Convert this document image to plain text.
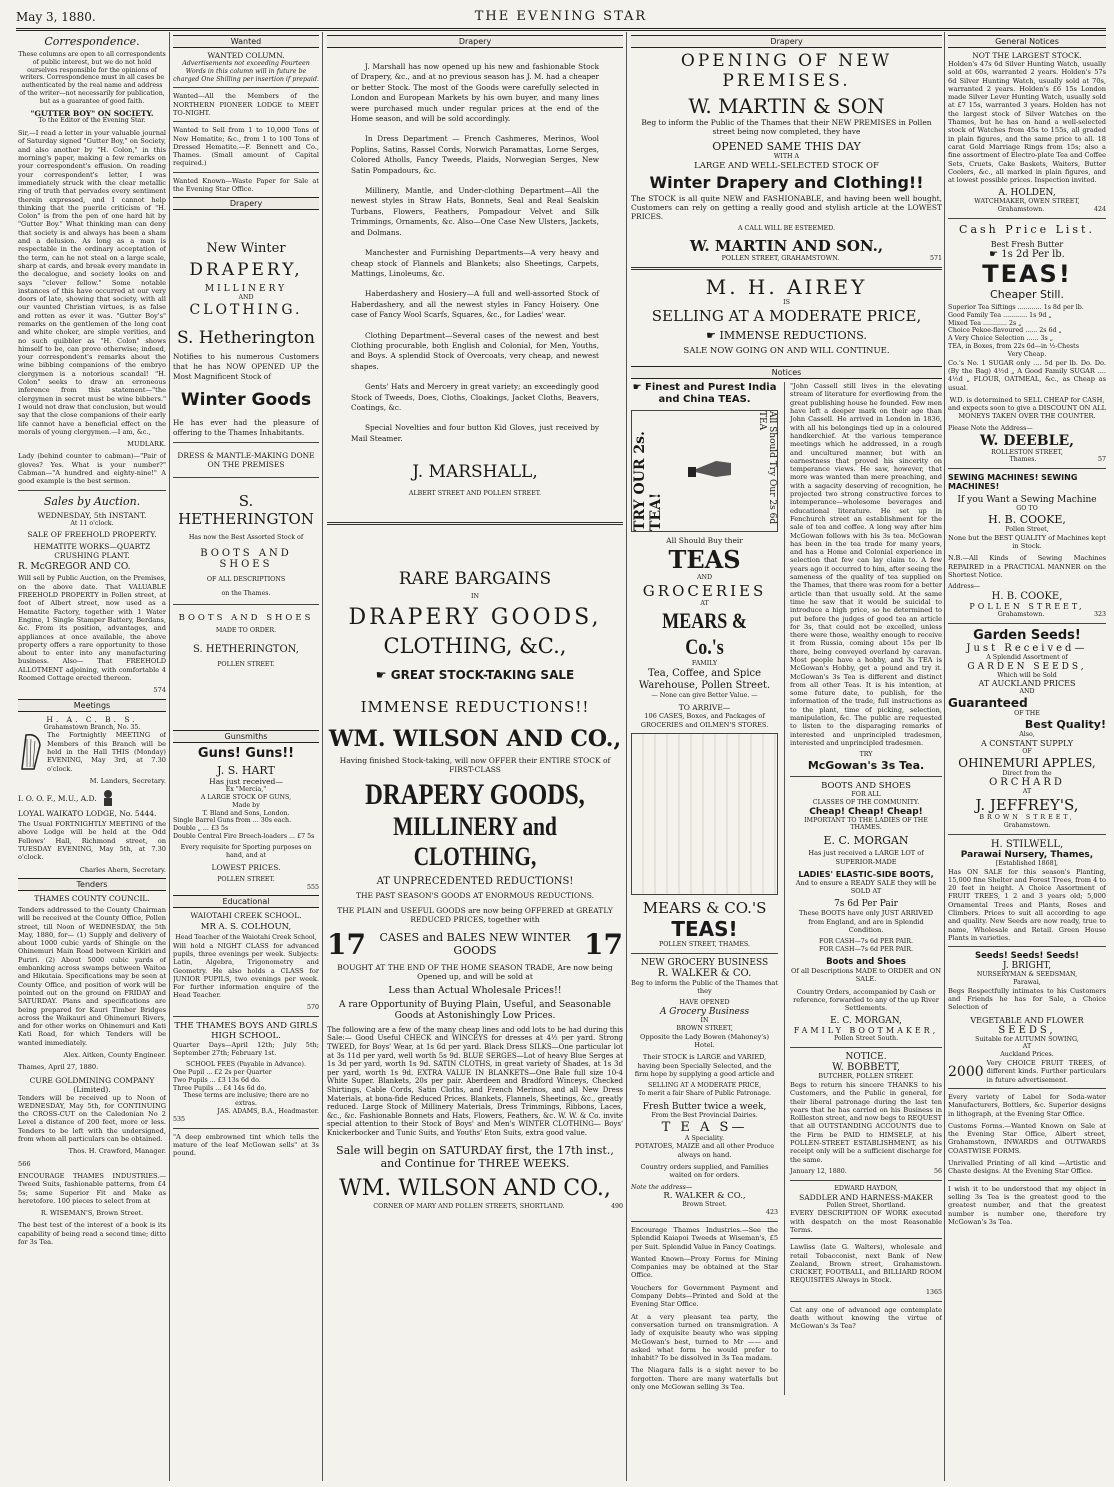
May 3, 1880.	THE EVENING STAR
Correspondence.

These columns are open to all correspondents of public interest, but we do not hold ourselves responsible for the opinions of writers. Correspondence must in all cases be authenticated by the real name and address of the writer—not necessarily for publication, but as a guarantee of good faith.

"GUTTER BOY" ON SOCIETY.

To the Editor of the Evening Star.

Sir,—I read a letter in your valuable journal of Saturday signed "Gutter Boy," on Society, and also another by "H. Colon," in this morning's paper, making a few remarks on your correspondent's effusion. On reading your correspondent's letter, I was immediately struck with the clear metallic ring of truth that pervades every sentiment therein expressed, and I cannot help thinking that the puerile criticism of "H. Colon" is from the pen of one hard hit by "Gutter Boy." What thinking man can deny that society is and always has been a sham and a delusion. As long as a man is respectable in the ordinary acceptation of the term, can he not steal on a large scale, sharp at cards, and break every mandate in the decalogue, and society looks on and says "clever fellow." Some notable instances of this have occurred at our very doors of late, showing that society, with all our vaunted Christian virtues, is as false and rotten as ever it was. "Gutter Boy's" remarks on the gentlemen of the long coat and white choker, are simple verities, and no such quibbler as "H. Colon" shows himself to be, can prove otherwise; indeed, your correspondent's remarks about the wine bibbing companions of the embryo clergymen is a notorious scandal! "H. Colon" seeks to draw an erroneous inference from this statement—"the clergymen in secret must be wine bibbers." I would not draw that conclusion, but would say that the close companions of their early life cannot have a beneficial effect on the morals of young clergymen.—I am, &c.,

MUDLARK.

Lady (behind counter to cabman)—"Pair of gloves? Yes. What is your number?" Cabman—"A hundred and eighty-nine!" A good example is the best sermon.

Sales by Auction.
WEDNESDAY, 5th INSTANT.
At 11 o'clock.
SALE OF FREEHOLD PROPERTY.
HEMATITE WORKS—QUARTZ CRUSHING PLANT.
R. McGREGOR AND CO.

Will sell by Public Auction, on the Premises, on the above date. That VALUABLE FREEHOLD PROPERTY in Pollen street, at foot of Albert street, now used as a Hematite Factory, together with 1 Water Engine, 1 Single Stamper Battery, Berdans, &c. From its position, advantages, and appliances at once available, the above property offers a rare opportunity to those about to enter into any manufacturing business. Also— That FREEHOLD ALLOTMENT adjoining, with comfortable 4 Roomed Cottage erected thereon.

574

Meetings
H. A. C. B. S.
Grahamstown Branch, No. 35.

The Fortnightly MEETING of Members of this Branch will be held in the Hall THIS (Monday) EVENING, May 3rd, at 7.30 o'clock.

M. Landers, Secretary.

I. O. O. F., M.U., A.D.
LOYAL WAIKATO LODGE, No. 5444.

The Usual FORTNIGHTLY MEETING of the above Lodge will be held at the Odd Fellows' Hall, Richmond street, on TUESDAY EVENING, May 5th, at 7.30 o'clock.

Charles Ahern, Secretary.

Tenders
THAMES COUNTY COUNCIL.

Tenders addressed to the County Chairman will be received at the County Office, Pollen street, till Noon of WEDNESDAY, the 5th May, 1880, for— (1) Supply and delivery of about 1000 cubic yards of Shingle on the Ohinemuri Main Road between Kirikiri and Puriri. (2) About 5000 cubic yards of embanking across swamps between Waitoa and Hikutaia. Specifications may be seen at County Office, and position of work will be pointed out on the ground on FRIDAY and SATURDAY. Plans and specifications are being prepared for Kauri Timber Bridges across the Waikauri and Ohinemuri Rivers, and for other works on Ohinemuri and Kati Kati Road, for which Tenders will be wanted immediately.

Alex. Aitken, County Engineer.

Thames, April 27, 1880.

CURE GOLDMINING COMPANY (Limited).

Tenders will be received up to Noon of WEDNESDAY, May 5th, for CONTINUING the CROSS-CUT on the Caledonian No 2 Level a distance of 200 feet, more or less. Tenders to be left with the undersigned, from whom all particulars can be obtained.

Thos. H. Crawford, Manager.

566

ENCOURAGE THAMES INDUSTRIES.—Tweed Suits, fashionable patterns, from £4 5s; same Superior Fit and Make as heretofore. 100 pieces to select from at

R. WISEMAN'S, Brown Street.

The best test of the interest of a book is its capability of being read a second time; ditto for 3s Tea.

Wanted
WANTED COLUMN.

Advertisements not exceeding Fourteen Words in this column will in future be charged One Shilling per insertion if prepaid.

Wanted—All the Members of the NORTHERN PIONEER LODGE to MEET TO-NIGHT.

Wanted to Sell from 1 to 10,000 Tons of New Hematite; &c., from 1 to 100 Tons of Dressed Hematite.—F. Bennett and Co., Thames. (Small amount of Capital required.)

Wanted Known—Waste Paper for Sale at the Evening Star Office.

Drapery
New Winter
DRAPERY,
MILLINERY
AND
CLOTHING.
S. Hetherington

Notifies to his numerous Customers that he has NOW OPENED UP the Most Magnificent Stock of

Winter Goods

He has ever had the pleasure of offering to the Thames Inhabitants.

DRESS & MANTLE-MAKING DONE ON THE PREMISES
S. HETHERINGTON
Has now the Best Assorted Stock of
BOOTS AND SHOES
OF ALL DESCRIPTIONS
on the Thames.
BOOTS AND SHOES
MADE TO ORDER.
S. HETHERINGTON,
POLLEN STREET.
Gunsmiths
Guns! Guns!!
J. S. HART
Has just received—
Ex "Mercia,"
A LARGE STOCK OF GUNS,
Made by
T. Bland and Sons, London.
Single Barrel Guns from ... 30s each.
Double „ ... £3 5s
Double Central Fire Breech-loaders ... £7 5s

Every requisite for Sporting purposes on hand, and at

LOWEST PRICES.
POLLEN STREET.
555
Educational
WAIOTAHI CREEK SCHOOL.
MR A. S. COLHOUN,
Head Teacher of the Waiotahi Creek School,

Will hold a NIGHT CLASS for advanced pupils, three evenings per week. Subjects: Latin, Algebra, Trigonometry and Geometry. He also holds a CLASS for JUNIOR PUPILS, two evenings per week. For further information enquire of the Head Teacher.

570
THE THAMES BOYS AND GIRLS HIGH SCHOOL.

Quarter Days—April 12th; July 5th; September 27th; February 1st.

SCHOOL FEES (Payable in Advance).
One Pupil ... £2 2s per Quarter
Two Pupils ... £3 13s 6d do.
Three Pupils ... £4 14s 6d do.
These terms are inclusive; there are no extras.
JAS. ADAMS, B.A., Headmaster.
535

"A deep embrowned tint which tells the mature of the leaf McGowan sells" at 3s pound.

Drapery

J. Marshall has now opened up his new and fashionable Stock of Drapery, &c., and at no previous season has J. M. had a cheaper or better Stock. The most of the Goods were carefully selected in London and European Markets by his own buyer, and many lines were purchased much under regular prices at the end of the Home season, and will be sold accordingly.

In Dress Department — French Cashmeres, Merinos, Wool Poplins, Satins, Rassel Cords, Norwich Paramattas, Lorne Serges, Colored Atholls, Fancy Tweeds, Plaids, Norwegian Serges, New Satin Pompadours, &c.

Millinery, Mantle, and Under-clothing Department—All the newest styles in Straw Hats, Bonnets, Seal and Real Sealskin Turbans, Flowers, Feathers, Pompadour Velvet and Silk Trimmings, Ornaments, &c. Also—One Case New Ulsters, Jackets, and Dolmans.

Manchester and Furnishing Departments—A very heavy and cheap stock of Flannels and Blankets; also Sheetings, Carpets, Mattings, Linoleums, &c.

Haberdashery and Hosiery—A full and well-assorted Stock of Haberdashery, and all the newest styles in Fancy Hoisery. One case of Fancy Wool Scarfs, Squares, &c., for Ladies' wear.

Clothing Department—Several cases of the newest and best Clothing procurable, both English and Colonial, for Men, Youths, and Boys. A splendid Stock of Overcoats, very cheap, and newest shapes.

Gents' Hats and Mercery in great variety; an exceedingly good Stock of Tweeds, Does, Cloths, Cloakings, Jacket Cloths, Beavers, Coatings, &c.

Special Novelties and four button Kid Gloves, just received by Mail Steamer.

J. MARSHALL,
ALBERT STREET AND POLLEN STREET.
RARE BARGAINS
IN
DRAPERY GOODS,
CLOTHING, &C.,
☛ GREAT STOCK-TAKING SALE
IMMENSE REDUCTIONS!!
WM. WILSON AND CO.,

Having finished Stock-taking, will now OFFER their ENTIRE STOCK of FIRST-CLASS

DRAPERY GOODS,
MILLINERY and CLOTHING,
AT UNPRECEDENTED REDUCTIONS!
THE PAST SEASON'S GOODS AT ENORMOUS REDUCTIONS.

THE PLAIN and USEFUL GOODS are now being OFFERED at GREATLY REDUCED PRICES, together with

17	CASES and BALES NEW WINTER GOODS	17

BOUGHT AT THE END OF THE HOME SEASON TRADE, Are now being Opened up, and will be sold at

Less than Actual Wholesale Prices!!

A rare Opportunity of Buying Plain, Useful, and Seasonable Goods at Astonishingly Low Prices.

The following are a few of the many cheap lines and odd lots to be had during this Sale:— Good Useful CHECK and WINCEYS for dresses at 4½ per yard. Strong TWEED, for Boys' Wear, at 1s 6d per yard. Black Dress SILKS—One particular lot at 3s 11d per yard, well worth 5s 9d. BLUE SERGES—Lot of heavy Blue Serges at 1s 3d per yard, worth 1s 9d. SATIN CLOTHS, in great variety of Shades, at 1s 3d per yard, worth 1s 9d. EXTRA VALUE IN BLANKETS—One Bale full size 10-4 White Super. Blankets, 20s per pair. Aberdeen and Bradford Winceys, Checked Shirtings, Cable Cords, Satin Cloths, and French Merinos, and all New Dress Materials, at bona-fide Reduced Prices. Blankets, Flannels, Sheetings, &c., greatly reduced. Large Stock of Millinery Materials, Dress Trimmings, Ribbons, Laces, &c., &c. Fashionable Bonnets and Hats, Flowers, Feathers, &c. W. W. & Co. invite special attention to their Stock of Boys' and Men's WINTER CLOTHING— Boys' Knickerbocker and Tunic Suits, and Youths' Eton Suits, extra good value.

Sale will begin on SATURDAY first, the 17th inst., and Continue for THREE WEEKS.
WM. WILSON AND CO.,
CORNER OF MARY AND POLLEN STREETS, SHORTLAND.	490
Drapery
OPENING OF NEW PREMISES.
W. MARTIN & SON

Beg to inform the Public of the Thames that their NEW PREMISES in Pollen street being now completed, they have

OPENED SAME THIS DAY
WITH A
LARGE AND WELL-SELECTED STOCK OF
Winter Drapery and Clothing!!

The STOCK is all quite NEW and FASHIONABLE, and having been well bought, Customers can rely on getting a really good and stylish article at the LOWEST PRICES.

A CALL WILL BE ESTEEMED.
W. MARTIN AND SON.,
POLLEN STREET, GRAHAMSTOWN.	571
M. H. AIREY
IS
SELLING AT A MODERATE PRICE,
☛ IMMENSE REDUCTIONS.
SALE NOW GOING ON AND WILL CONTINUE.
Notices
☛ Finest and Purest India and China TEAS.
TRY OUR 2s. TEA!	All Should Try Our 2s 6d TEA
All Should Buy their
TEAS
AND
GROCERIES
AT
MEARS & Co.'s
FAMILY
Tea, Coffee, and Spice Warehouse, Pollen Street.
— None can give Better Value. —
TO ARRIVE—

106 CASES, Boxes, and Packages of GROCERIES and OILMEN'S STORES.

MEARS & CO.'S
TEAS!
POLLEN STREET, THAMES.
NEW GROCERY BUSINESS
R. WALKER & CO.

Beg to inform the Public of the Thames that they

HAVE OPENED
A Grocery Business
IN
BROWN STREET,

Opposite the Lady Bowen (Mahoney's) Hotel.

Their STOCK is LARGE and VARIED, having been Specially Selected, and the firm hope by supplying a good article and

SELLING AT A MODERATE PRICE,
To merit a fair Share of Public Patronage.
Fresh Butter twice a week,
From the Best Provincial Dairies.
T E A S—
A Speciality.

POTATOES, MAIZE and all other Produce always on hand.

Country orders supplied, and Families waited on for orders.

Note the address—
R. WALKER & CO.,
Brown Street.
423

Encourage Thames Industries.—See the Splendid Kaiapoi Tweeds at Wiseman's, £5 per Suit. Splendid Value in Fancy Coatings.

Wanted Known—Proxy Forms for Mining Companies may be obtained at the Star Office.

Vouchers for Government Payment and Company Debts—Printed and Sold at the Evening Star Office.

At a very pleasant tea party, the conversation turned on transmigration. A lady of exquisite beauty who was sipping McGowan's best, turned to Mr —— and asked what form he would prefer to inhabit? To be dissolved in 3s Tea madam.

The Niagara falls is a sight never to be forgotten. There are many waterfalls but only one McGowan selling 3s Tea.

"John Cassell still lives in the elevating stream of literature for everflowing from the great publishing house he founded. Few men have left a deeper mark on their age than John Cassell. He arrived in London in 1836, with all his belongings tied up in a coloured handkerchief. At the various temperance meetings which he addressed, in a rough and uncultured manner, but with an earnestness that proved his sincerity on temperance views. He saw, however, that more was wanted than mere preaching, and with a sagacity deserving of recognition, he projected two strong constructive forces to intemperance—wholesome beverages and educational literature. He set up in Fenchurch street an establishment for the sale of tea and coffee. A long way after him McGowan follows with his 3s tea. McGowan has been in the tea trade for many years, and has a Home and Colonial experience in selection that few can lay claim to. A few years ago it occurred to him, after seeing the sameness of the quality of tea supplied on the Thames, that there was room for a better article than that usually sold. At the same time he saw that it would be suicidal to introduce a high price, so he determined to put before the judges of good tea an article for 3s, that could not be excelled, unless there were those, wealthy enough to receive it from Russia, coming about 15s per lb there, being conveyed overland by caravan. Most people have a hobby, and 3s TEA is McGowan's Hobby, get a pound and try it. McGowan's 3s Tea is different and distinct from all other Teas. It is his intention, at some future date, to publish, for the information of the trade, full instructions as to the plant, time of picking, selection, manipulation, &c. The public are requested to listen to the disparaging remarks of interested and unprincipled tradesmen, interested and unprincipled tradesmen.

TRY
McGowan's 3s Tea.
BOOTS AND SHOES
FOR ALL
CLASSES OF THE COMMUNITY.
Cheap! Cheap! Cheap!
IMPORTANT TO THE LADIES OF THE THAMES.
E. C. MORGAN

Has just received a LARGE LOT of SUPERIOR-MADE

LADIES' ELASTIC-SIDE BOOTS,

And to ensure a READY SALE they will be SOLD AT

7s 6d Per Pair

These BOOTS have only JUST ARRIVED from England, and are in Splendid Condition.

FOR CASH—7s 6d PER PAIR.
FOR CASH—7s 6d PER PAIR.
Boots and Shoes

Of all Descriptions MADE to ORDER and ON SALE.

Country Orders, accompanied by Cash or reference, forwarded to any of the up River Settlements.

E. C. MORGAN,
FAMILY BOOTMAKER,
Pollen Street South.
NOTICE.
W. BOBBETT,
BUTCHER, POLLEN STREET.

Begs to return his sincere THANKS to his Customers, and the Public in general, for their liberal patronage during the last ten years that he has carried on his Business in Rollleston street, and now begs to REQUEST that all OUTSTANDING ACCOUNTS due to the Firm be PAID to HIMSELF, at his POLLEN-STREET ESTABLISHMENT, as his receipt only will be a sufficient discharge for the same.

January 12, 1880.	56
EDWARD HAYDON,
SADDLER AND HARNESS-MAKER
Pollen Street, Shortland.

EVERY DESCRIPTION OF WORK executed with despatch on the most Reasonable Terms.

Lawliss (late G. Walters), wholesale and retail Tobacconist, next Bank of New Zealand, Brown street, Grahamstown. CRICKET, FOOTBALL, and BILLIARD ROOM REQUISITES Always in Stock.

1365

Cat any one of advanced age contemplate death without knowing the virtue of McGowan's 3s Tea?

General Notices
NOT THE LARGEST STOCK.

Holden's 47s 6d Silver Hunting Watch, usually sold at 60s, warranted 2 years. Holden's 57s 6d Silver Hunting Watch, usually sold at 70s, warranted 2 years. Holden's £6 15s London made Silver Lever Hunting Watch, usually sold at £7 15s, warranted 3 years. Holden has not the largest stock of Silver Watches on the Thames, but he has on hand a well-selected stock of Watches from 45s to 155s, all graded in plain figures, and the same price to all. 18 carat Gold Marriage Rings from 15s; also a fine assortment of Electro-plate Tea and Coffee Sets, Cruets, Cake Baskets, Waiters, Butter Coolers, &c., all marked in plain figures, and at lowest possible prices. Inspection invited.

A. HOLDEN,
WATCHMAKER, OWEN STREET,
Grahamstown.	424
Cash Price List.
Best Fresh Butter
☛ 1s 2d Per lb.
TEAS!
Cheaper Still.
Superior Tea Siftings ............ 1s 8d per lb.
Good Family Tea ............ 1s 9d „
Mixed Tea ............ 2s „
Choice Pekoe-flavoured ...... 2s 6d „
A Very Choice Selection ...... 3s „
TEA, in Boxes, from 22s 6d—in ½-Chests
Very Cheap.

Co.'s No. 1 SUGAR only .... 5d per lb. Do. Do. (By the Bag) 4½d „ A Good Family SUGAR .... 4½d „ FLOUR, OATMEAL, &c., as Cheap as usual.

W.D. is determined to SELL CHEAP for CASH, and expects soon to give a DISCOUNT ON ALL MONEYS TAKEN OVER THE COUNTER.

Please Note the Address—
W. DEEBLE,
ROLLESTON STREET,
Thames.	57
SEWING MACHINES! SEWING MACHINES!
If you Want a Sewing Machine
GO TO
H. B. COOKE,
Pollen Street,

None but the BEST QUALITY of Machines kept in Stock.

N.B.—All Kinds of Sewing Machines REPAIRED in a PRACTICAL MANNER on the Shortest Notice.

Address—
H. B. COOKE,
POLLEN STREET,
Grahamstown.	323
Garden Seeds!
Just Received—
A Splendid Assortment of
GARDEN SEEDS,
Which will be Sold
AT AUCKLAND PRICES
AND
Guaranteed
OF THE
Best Quality!
Also,
A CONSTANT SUPPLY
OF
OHINEMURI APPLES,
Direct from the
ORCHARD
AT
J. JEFFREY'S,
BROWN STREET,
Grahamstown.
H. STILWELL,
Parawai Nursery, Thames,
[Established 1868],

Has ON SALE for this season's Planting, 15,000 fine Shelter and Forest Trees, from 4 to 20 feet in height. A Choice Assortment of FRUIT TREES, 1 2 and 3 years old; 5,000 Ornamental Trees and Plants, Roses and Climbers. Prices to suit all according to age and quality. New Seeds are now ready, true to name, Wholesale and Retail. Green House Plants in varieties.

Seeds! Seeds! Seeds!
J. BRIGHT,
NURSERYMAN & SEEDSMAN,
Parawai,

Begs Respectfully intimates to his Customers and Friends he has for Sale, a Choice Selection of

VEGETABLE AND FLOWER
SEEDS,
Suitable for AUTUMN SOWING,
AT
Auckland Prices.
2000

Very CHOICE FRUIT TREES, of different kinds. Further particulars in future advertisement.

Every variety of Label for Soda-water Manufacturers, Bottlers, &c. Superior designs in lithograph, at the Evening Star Office.

Customs Forms.—Wanted Known on Sale at the Evening Star Office, Albert street, Grahamstown, INWARDS and OUTWARDS COASTWISE FORMS.

Unrivalled Printing of all kind —Artistic and Chaste designs. At the Evening Star Office.

I wish it to be understood that my object in selling 3s Tea is the greatest good to the greatest number, and that the greatest number is number one, therefore try McGowan's 3s Tea.
